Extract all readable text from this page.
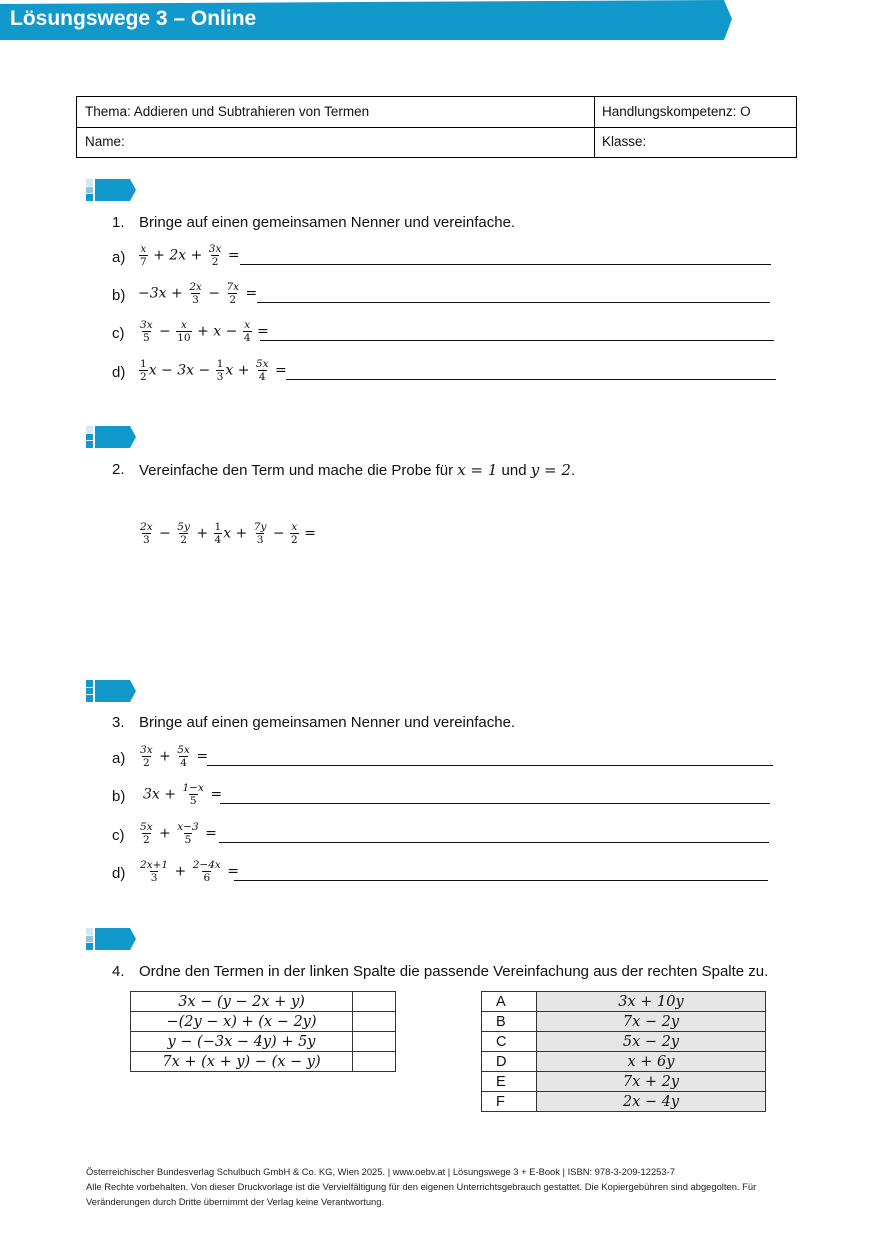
Lösungswege 3 – Online	Arbeitsblatt
Thema: Addieren und Subtrahieren von Termen	Handlungskompetenz: O
Name:	Klasse:
1. Bringe auf einen gemeinsamen Nenner und vereinfache.
$a) \frac{x}{7} + 2x + \frac{3x}{2}$ =
$b) -3x + \frac{2x}{3} - \frac{7x}{2}$ =
$c) \frac{3x}{5} - \frac{x}{10} + x - \frac{x}{4}$ =
$d) \frac{1}{2}$ $x - 3x - \frac{1}{3}$ $x + \frac{5x}{4}$ =
2. Vereinfache den Term und mache die Probe für x = 1 und y = 2.
$\frac{2x}{3} - \frac{5y}{2} + \frac{1}{4}$ $x + \frac{7y}{3} - \frac{x}{2}$ =
3. Bringe auf einen gemeinsamen Nenner und vereinfache.
$a) \frac{3x}{2} + \frac{5x}{4}$ =
b) $3x + \frac{1-x}{5}$ =
$c) \frac{5x}{2} + \frac{x-3}{5}$ =
$d) \frac{2x+1}{3} + \frac{2-4x}{6}$ =
4. Ordne den Termen in der linken Spalte die passende Vereinfachung aus der rechten Spalte zu.
3x − (y − 2x + y)	
−(2y − x) + (x − 2y)	
y − (−3x − 4y) + 5y	
7x + (x + y) − (x − y)	
A	3x + 10y
B	7x − 2y
C	5x − 2y
D	x + 6y
E	7x + 2y
F	2x − 4y

Österreichischer Bundesverlag Schulbuch GmbH & Co. KG, Wien 2025. | www.oebv.at | Lösungswege 3 + E-Book | ISBN: 978-3-209-12253-7

Alle Rechte vorbehalten. Von dieser Druckvorlage ist die Vervielfältigung für den eigenen Unterrichtsgebrauch gestattet. Die Kopiergebühren sind abgegolten. Für Veränderungen durch Dritte übernimmt der Verlag keine Verantwortung.
